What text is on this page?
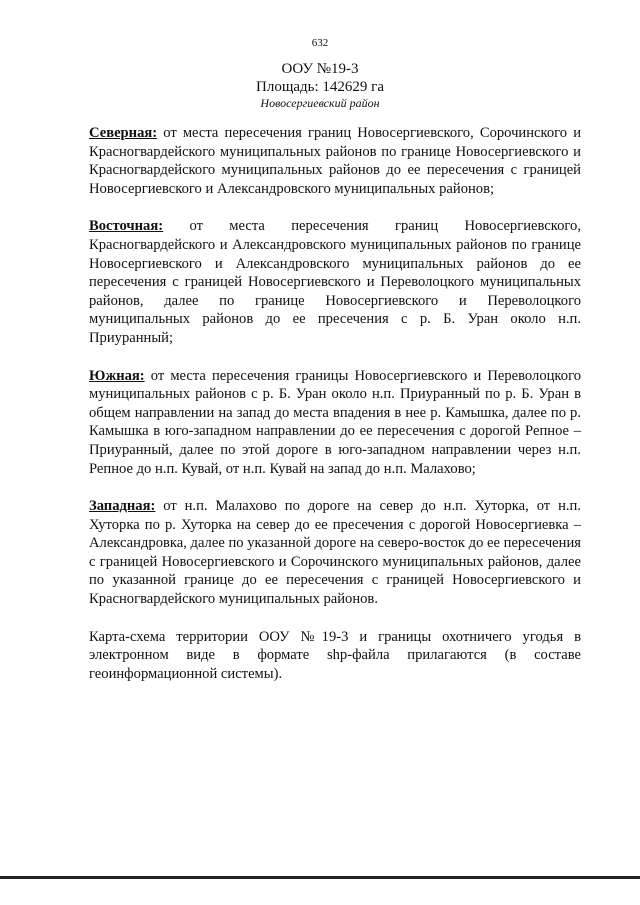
632
ООУ №19-3
Площадь: 142629 га
Новосергиевский район

Северная: от места пересечения границ Новосергиевского, Сорочинского и Красногвардейского муниципальных районов по границе Новосергиевского и Красногвардейского муниципальных районов до ее пересечения с границей Новосергиевского и Александровского муниципальных районов;

Восточная: от места пересечения границ Новосергиевского, Красногвардейского и Александровского муниципальных районов по границе Новосергиевского и Александровского муниципальных районов до ее пересечения с границей Новосергиевского и Переволоцкого муниципальных районов, далее по границе Новосергиевского и Переволоцкого муниципальных районов до ее пресечения с р. Б. Уран около н.п. Приуранный;

Южная: от места пересечения границы Новосергиевского и Переволоцкого муниципальных районов с р. Б. Уран около н.п. Приуранный по р. Б. Уран в общем направлении на запад до места впадения в нее р. Камышка, далее по р. Камышка в юго-западном направлении до ее пересечения с дорогой Репное – Приуранный, далее по этой дороге в юго-западном направлении через н.п. Репное до н.п. Кувай, от н.п. Кувай на запад до н.п. Малахово;

Западная: от н.п. Малахово по дороге на север до н.п. Хуторка, от н.п. Хуторка по р. Хуторка на север до ее пресечения с дорогой Новосергиевка – Александровка, далее по указанной дороге на северо-восток до ее пересечения с границей Новосергиевского и Сорочинского муниципальных районов, далее по указанной границе до ее пересечения с границей Новосергиевского и Красногвардейского муниципальных районов.

Карта-схема территории ООУ №19-3 и границы охотничего угодья в электронном виде в формате shp-файла прилагаются (в составе геоинформационной системы).
